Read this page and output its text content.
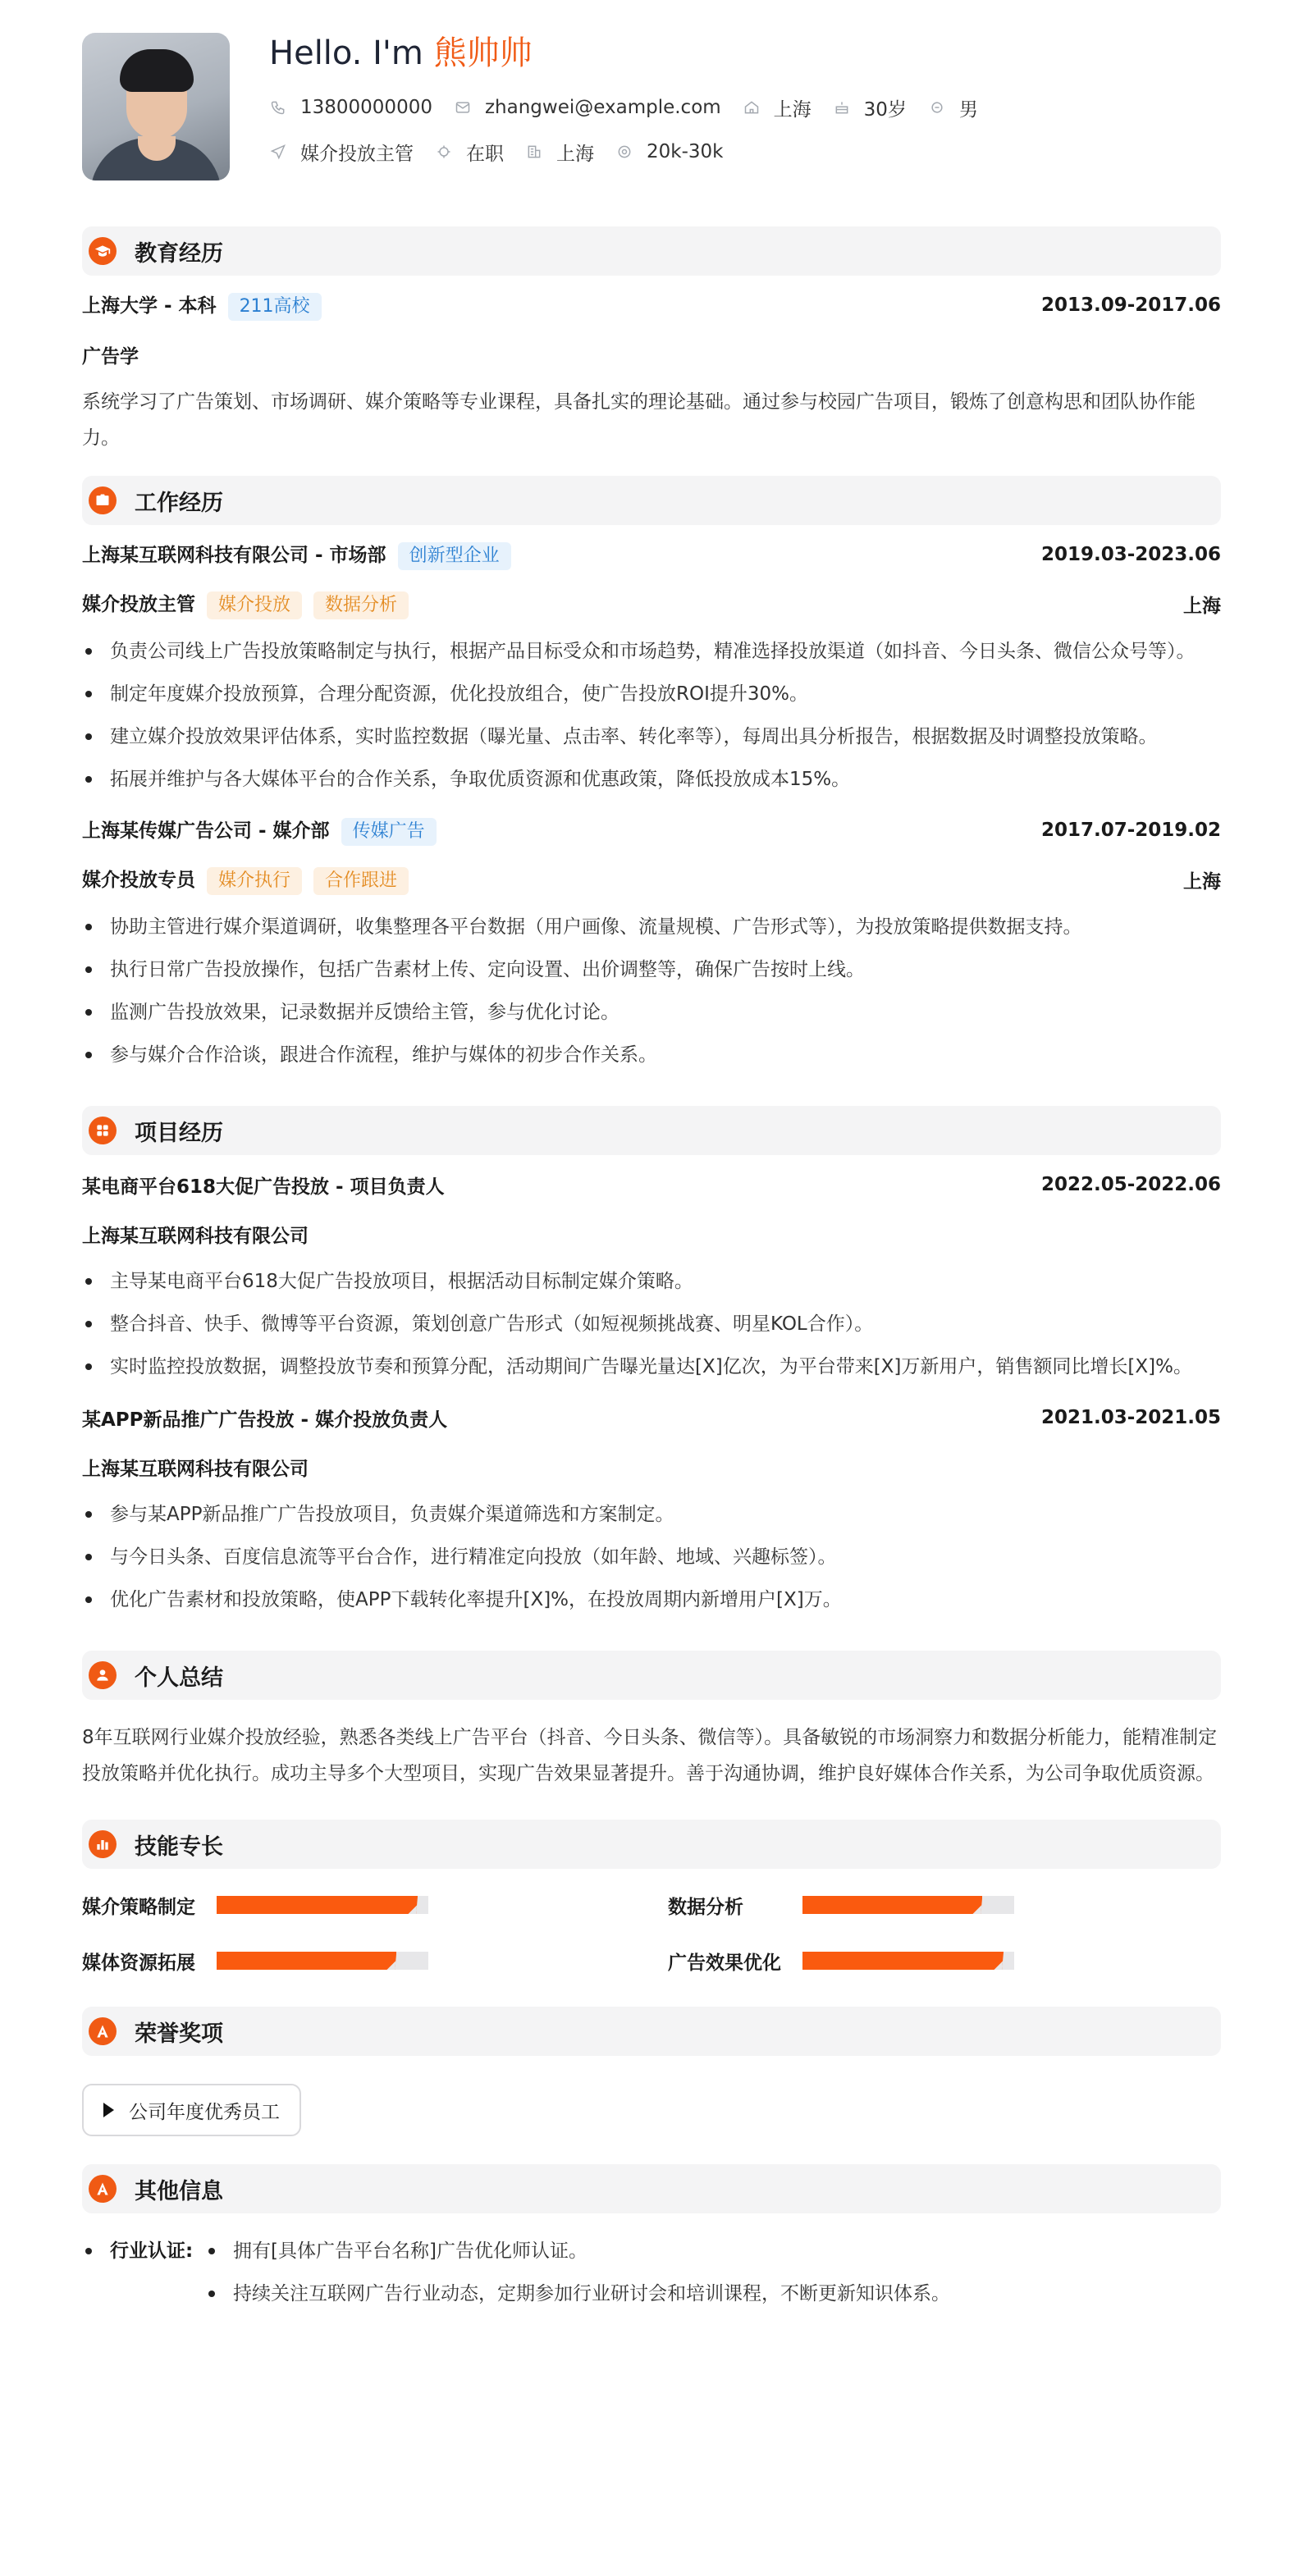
Hello. I'm 熊帅帅
13800000000	zhangwei@example.com	上海	30岁	男
媒介投放主管	在职	上海	20k-30k
教育经历
上海大学 - 本科 211高校	2013.09-2017.06
广告学

系统学习了广告策划、市场调研、媒介策略等专业课程，具备扎实的理论基础。通过参与校园广告项目，锻炼了创意构思和团队协作能力。

工作经历
上海某互联网科技有限公司 - 市场部 创新型企业	2019.03-2023.06
媒介投放主管 媒介投放 数据分析	上海
负责公司线上广告投放策略制定与执行，根据产品目标受众和市场趋势，精准选择投放渠道（如抖音、今日头条、微信公众号等）。
制定年度媒介投放预算，合理分配资源，优化投放组合，使广告投放ROI提升30%。
建立媒介投放效果评估体系，实时监控数据（曝光量、点击率、转化率等），每周出具分析报告，根据数据及时调整投放策略。
拓展并维护与各大媒体平台的合作关系，争取优质资源和优惠政策，降低投放成本15%。
上海某传媒广告公司 - 媒介部 传媒广告	2017.07-2019.02
媒介投放专员 媒介执行 合作跟进	上海
协助主管进行媒介渠道调研，收集整理各平台数据（用户画像、流量规模、广告形式等），为投放策略提供数据支持。
执行日常广告投放操作，包括广告素材上传、定向设置、出价调整等，确保广告按时上线。
监测广告投放效果，记录数据并反馈给主管，参与优化讨论。
参与媒介合作洽谈，跟进合作流程，维护与媒体的初步合作关系。
项目经历
某电商平台618大促广告投放 - 项目负责人	2022.05-2022.06
上海某互联网科技有限公司
主导某电商平台618大促广告投放项目，根据活动目标制定媒介策略。
整合抖音、快手、微博等平台资源，策划创意广告形式（如短视频挑战赛、明星KOL合作）。
实时监控投放数据，调整投放节奏和预算分配，活动期间广告曝光量达[X]亿次，为平台带来[X]万新用户，销售额同比增长[X]%。
某APP新品推广广告投放 - 媒介投放负责人	2021.03-2021.05
上海某互联网科技有限公司
参与某APP新品推广广告投放项目，负责媒介渠道筛选和方案制定。
与今日头条、百度信息流等平台合作，进行精准定向投放（如年龄、地域、兴趣标签）。
优化广告素材和投放策略，使APP下载转化率提升[X]%，在投放周期内新增用户[X]万。
个人总结

8年互联网行业媒介投放经验，熟悉各类线上广告平台（抖音、今日头条、微信等）。具备敏锐的市场洞察力和数据分析能力，能精准制定投放策略并优化执行。成功主导多个大型项目，实现广告效果显著提升。善于沟通协调，维护良好媒体合作关系，为公司争取优质资源。

技能专长
媒介策略制定	数据分析
媒体资源拓展	广告效果优化
荣誉奖项
公司年度优秀员工
其他信息
行业认证:	拥有[具体广告平台名称]广告优化师认证。
持续关注互联网广告行业动态，定期参加行业研讨会和培训课程，不断更新知识体系。
